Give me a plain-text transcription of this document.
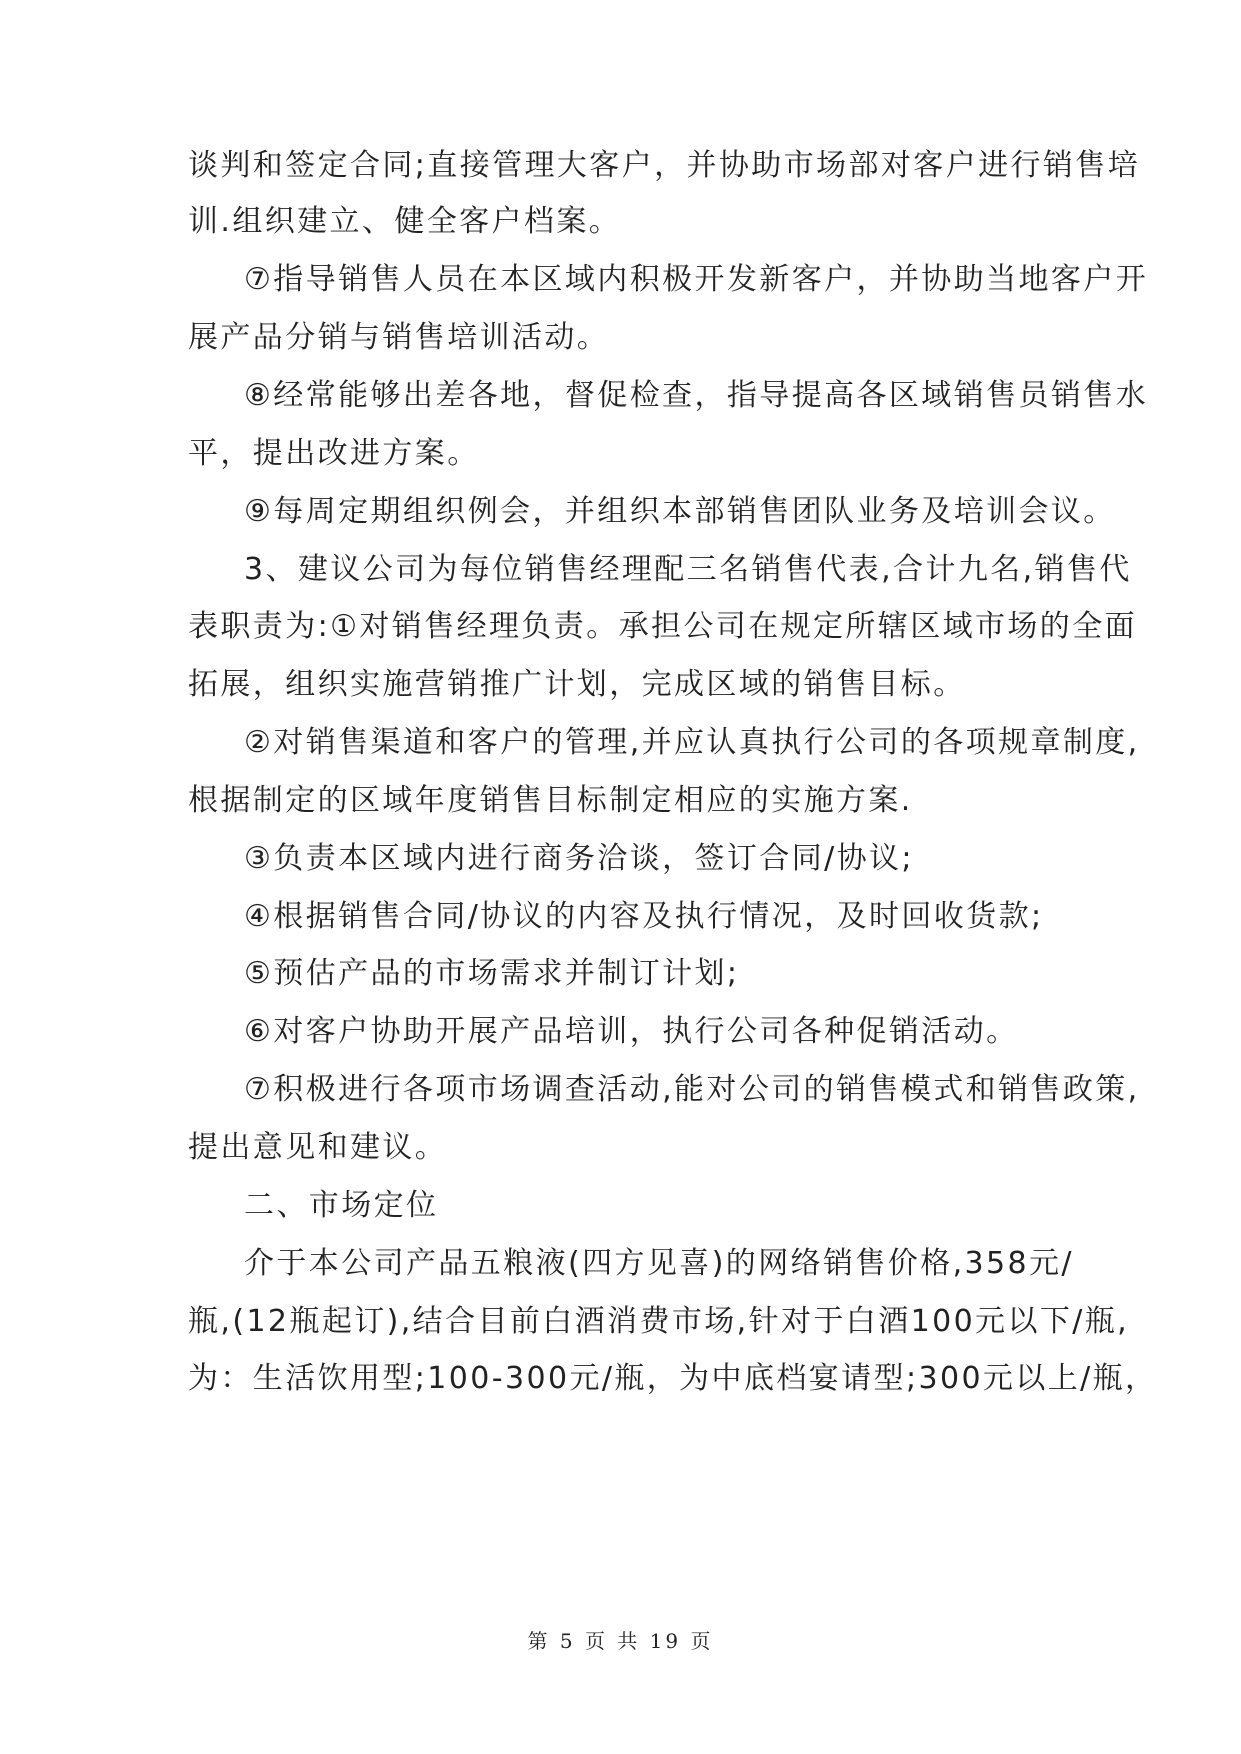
谈判和签定合同;直接管理大客户，并协助市场部对客户进行销售培
训.组织建立、健全客户档案。
⑦指导销售人员在本区域内积极开发新客户，并协助当地客户开
展产品分销与销售培训活动。
⑧经常能够出差各地，督促检查，指导提高各区域销售员销售水
平，提出改进方案。
⑨每周定期组织例会，并组织本部销售团队业务及培训会议。
3、建议公司为每位销售经理配三名销售代表,合计九名,销售代
表职责为:①对销售经理负责。承担公司在规定所辖区域市场的全面
拓展，组织实施营销推广计划，完成区域的销售目标。
②对销售渠道和客户的管理,并应认真执行公司的各项规章制度,
根据制定的区域年度销售目标制定相应的实施方案.
③负责本区域内进行商务洽谈，签订合同/协议;
④根据销售合同/协议的内容及执行情况，及时回收货款;
⑤预估产品的市场需求并制订计划;
⑥对客户协助开展产品培训，执行公司各种促销活动。
⑦积极进行各项市场调查活动,能对公司的销售模式和销售政策,
提出意见和建议。
二、市场定位
介于本公司产品五粮液(四方见喜)的网络销售价格,358元/
瓶,(12瓶起订),结合目前白酒消费市场,针对于白酒100元以下/瓶,
为：生活饮用型;100-300元/瓶，为中底档宴请型;300元以上/瓶，
第 5 页 共 19 页
